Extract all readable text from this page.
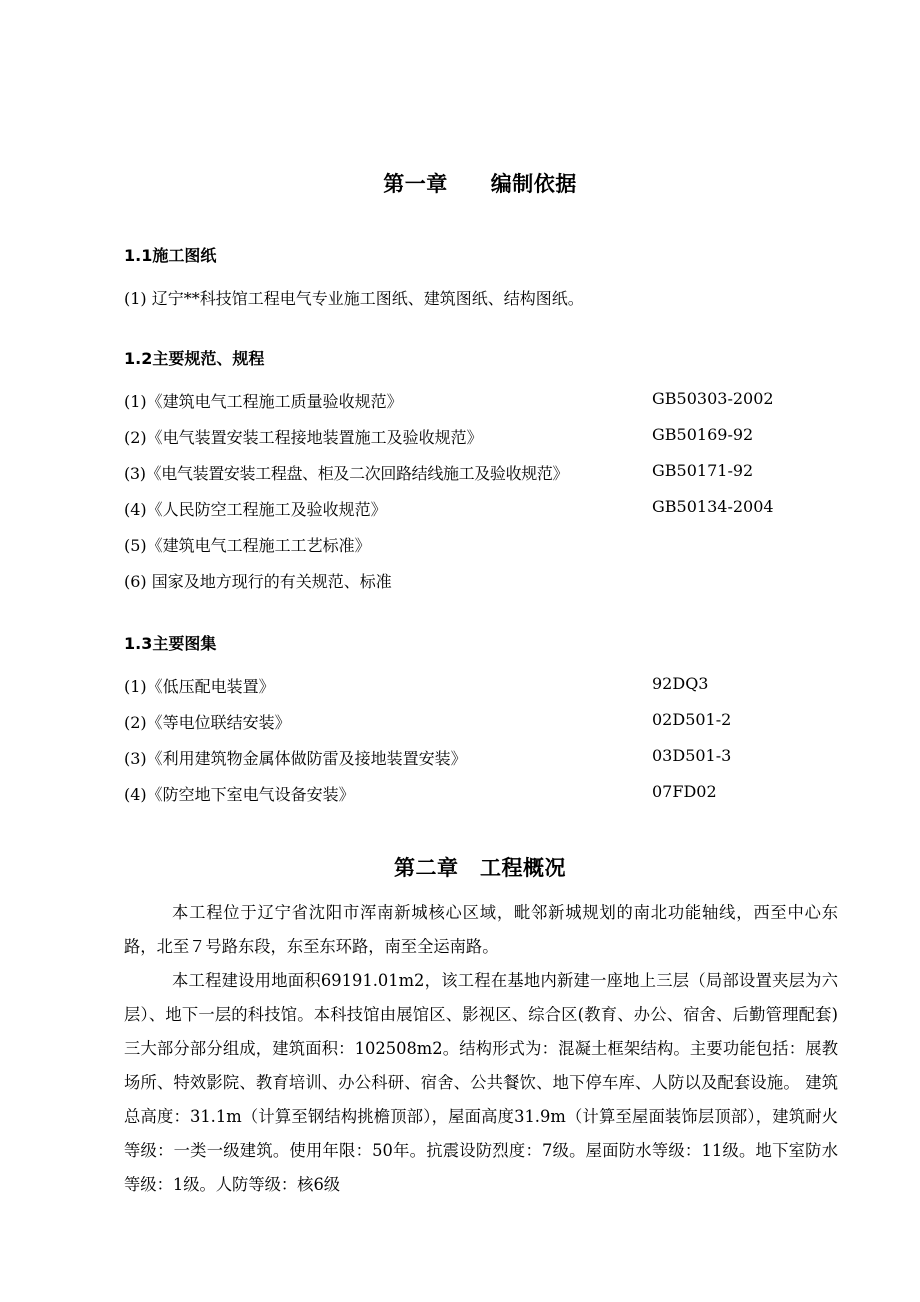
第一章　　编制依据
1.1施工图纸
(1) 辽宁**科技馆工程电气专业施工图纸、建筑图纸、结构图纸。
1.2主要规范、规程
(1)《建筑电气工程施工质量验收规范》	GB50303-2002
(2)《电气装置安装工程接地装置施工及验收规范》	GB50169-92
(3)《电气装置安装工程盘、柜及二次回路结线施工及验收规范》	GB50171-92
(4)《人民防空工程施工及验收规范》	GB50134-2004
(5)《建筑电气工程施工工艺标准》
(6) 国家及地方现行的有关规范、标准
1.3主要图集
(1)《低压配电装置》	92DQ3
(2)《等电位联结安装》	02D501-2
(3)《利用建筑物金属体做防雷及接地装置安装》	03D501-3
(4)《防空地下室电气设备安装》	07FD02
第二章　工程概况
本工程位于辽宁省沈阳市浑南新城核心区域，毗邻新城规划的南北功能轴线，西至中心东路，北至７号路东段，东至东环路，南至全运南路。
本工程建设用地面积69191.01m2，该工程在基地内新建一座地上三层（局部设置夹层为六层）、地下一层的科技馆。本科技馆由展馆区、影视区、综合区(教育、办公、宿舍、后勤管理配套)三大部分部分组成，建筑面积：102508m2。结构形式为：混凝土框架结构。主要功能包括：展教场所、特效影院、教育培训、办公科研、宿舍、公共餐饮、地下停车库、人防以及配套设施。 建筑总高度：31.1m（计算至钢结构挑檐顶部），屋面高度31.9m（计算至屋面装饰层顶部），建筑耐火等级：一类一级建筑。使用年限：50年。抗震设防烈度：7级。屋面防水等级：11级。地下室防水等级：1级。人防等级：核6级
